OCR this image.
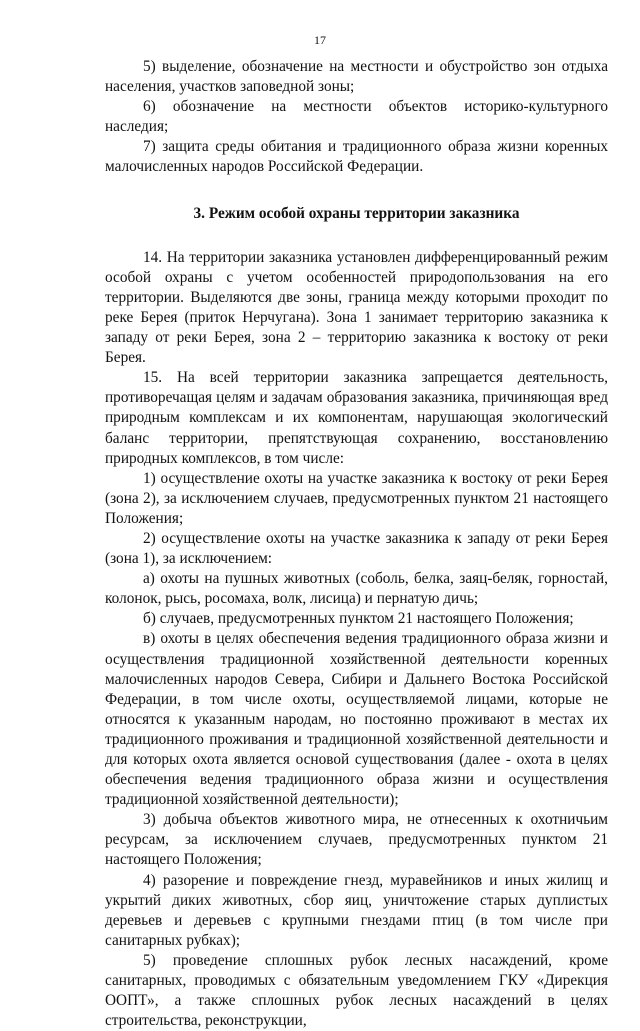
17

5) выделение, обозначение на местности и обустройство зон отдыха населения, участков заповедной зоны;

6) обозначение на местности объектов историко-культурного наследия;

7) защита среды обитания и традиционного образа жизни коренных малочисленных народов Российской Федерации.

3. Режим особой охраны территории заказника

14. На территории заказника установлен дифференцированный режим особой охраны с учетом особенностей природопользования на его территории. Выделяются две зоны, граница между которыми проходит по реке Берея (приток Нерчугана). Зона 1 занимает территорию заказника к западу от реки Берея, зона 2 – территорию заказника к востоку от реки Берея.

15. На всей территории заказника запрещается деятельность, противоречащая целям и задачам образования заказника, причиняющая вред природным комплексам и их компонентам, нарушающая экологический баланс территории, препятствующая сохранению, восстановлению природных комплексов, в том числе:

1) осуществление охоты на участке заказника к востоку от реки Берея (зона 2), за исключением случаев, предусмотренных пунктом 21 настоящего Положения;

2) осуществление охоты на участке заказника к западу от реки Берея (зона 1), за исключением:

а) охоты на пушных животных (соболь, белка, заяц-беляк, горностай, колонок, рысь, росомаха, волк, лисица) и пернатую дичь;

б) случаев, предусмотренных пунктом 21 настоящего Положения;

в) охоты в целях обеспечения ведения традиционного образа жизни и осуществления традиционной хозяйственной деятельности коренных малочисленных народов Севера, Сибири и Дальнего Востока Российской Федерации, в том числе охоты, осуществляемой лицами, которые не относятся к указанным народам, но постоянно проживают в местах их традиционного проживания и традиционной хозяйственной деятельности и для которых охота является основой существования (далее - охота в целях обеспечения ведения традиционного образа жизни и осуществления традиционной хозяйственной деятельности);

3) добыча объектов животного мира, не отнесенных к охотничьим ресурсам, за исключением случаев, предусмотренных пунктом 21 настоящего Положения;

4) разорение и повреждение гнезд, муравейников и иных жилищ и укрытий диких животных, сбор яиц, уничтожение старых дуплистых деревьев и деревьев с крупными гнездами птиц (в том числе при санитарных рубках);

5) проведение сплошных рубок лесных насаждений, кроме санитарных, проводимых с обязательным уведомлением ГКУ «Дирекция ООПТ», а также сплошных рубок лесных насаждений в целях строительства, реконструкции,
